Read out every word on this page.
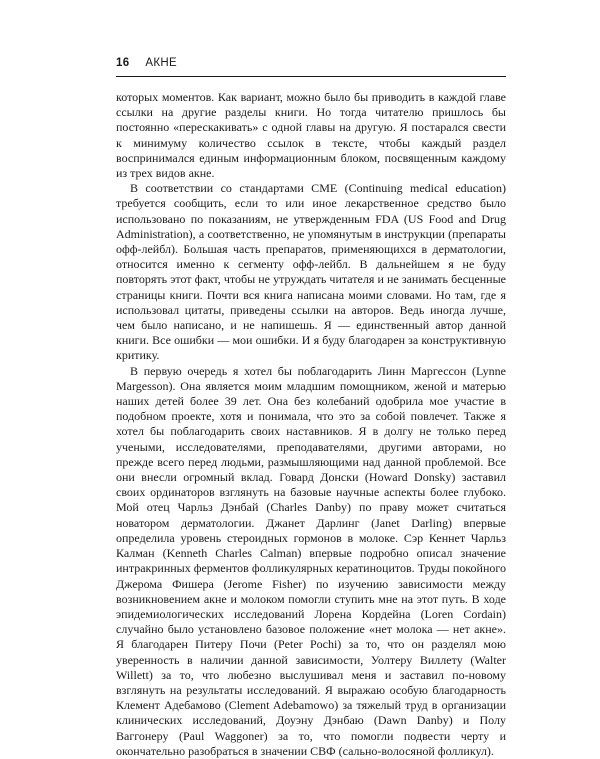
16 АКНЕ

которых моментов. Как вариант, можно было бы приводить в каждой главе ссылки на другие разделы книги. Но тогда читателю пришлось бы постоянно «перескакивать» с одной главы на другую. Я постарался свести к минимуму количество ссылок в тексте, чтобы каждый раздел воспринимался единым информационным блоком, посвященным каждому из трех видов акне.

В соответствии со стандартами CME (Continuing medical education) требуется сообщить, если то или иное лекарственное средство было использовано по показаниям, не утвержденным FDA (US Food and Drug Administration), а соответственно, не упомянутым в инструкции (препараты офф-лейбл). Большая часть препаратов, применяющихся в дерматологии, относится именно к сегменту офф-лейбл. В дальнейшем я не буду повторять этот факт, чтобы не утруждать читателя и не занимать бесценные страницы книги. Почти вся книга написана моими словами. Но там, где я использовал цитаты, приведены ссылки на авторов. Ведь иногда лучше, чем было написано, и не напишешь. Я — единственный автор данной книги. Все ошибки — мои ошибки. И я буду благодарен за конструктивную критику.

В первую очередь я хотел бы поблагодарить Линн Маргессон (Lynne Margesson). Она является моим младшим помощником, женой и матерью наших детей более 39 лет. Она без колебаний одобрила мое участие в подобном проекте, хотя и понимала, что это за собой повлечет. Также я хотел бы поблагодарить своих наставников. Я в долгу не только перед учеными, исследователями, преподавателями, другими авторами, но прежде всего перед людьми, размышляющими над данной проблемой. Все они внесли огромный вклад. Говард Донски (Howard Donsky) заставил своих ординаторов взглянуть на базовые научные аспекты более глубоко. Мой отец Чарльз Дэнбай (Charles Danby) по праву может считаться новатором дерматологии. Джанет Дарлинг (Janet Darling) впервые определила уровень стероидных гормонов в молоке. Сэр Кеннет Чарльз Калман (Kenneth Charles Calman) впервые подробно описал значение интракринных ферментов фолликулярных кератиноцитов. Труды покойного Джерома Фишера (Jerome Fisher) по изучению зависимости между возникновением акне и молоком помогли ступить мне на этот путь. В ходе эпидемиологических исследований Лорена Кордейна (Loren Cordain) случайно было установлено базовое положение «нет молока — нет акне». Я благодарен Питеру Почи (Peter Pochi) за то, что он разделял мою уверенность в наличии данной зависимости, Уолтеру Виллету (Walter Willett) за то, что любезно выслушивал меня и заставил по-новому взглянуть на результаты исследований. Я выражаю особую благодарность Клемент Адебамово (Clement Adebamowo) за тяжелый труд в организации клинических исследований, Доуэну Дэнбаю (Dawn Danby) и Полу Ваггонеру (Paul Waggoner) за то, что помогли подвести черту и окончательно разобраться в значении СВФ (сально-волосяной фолликул).
